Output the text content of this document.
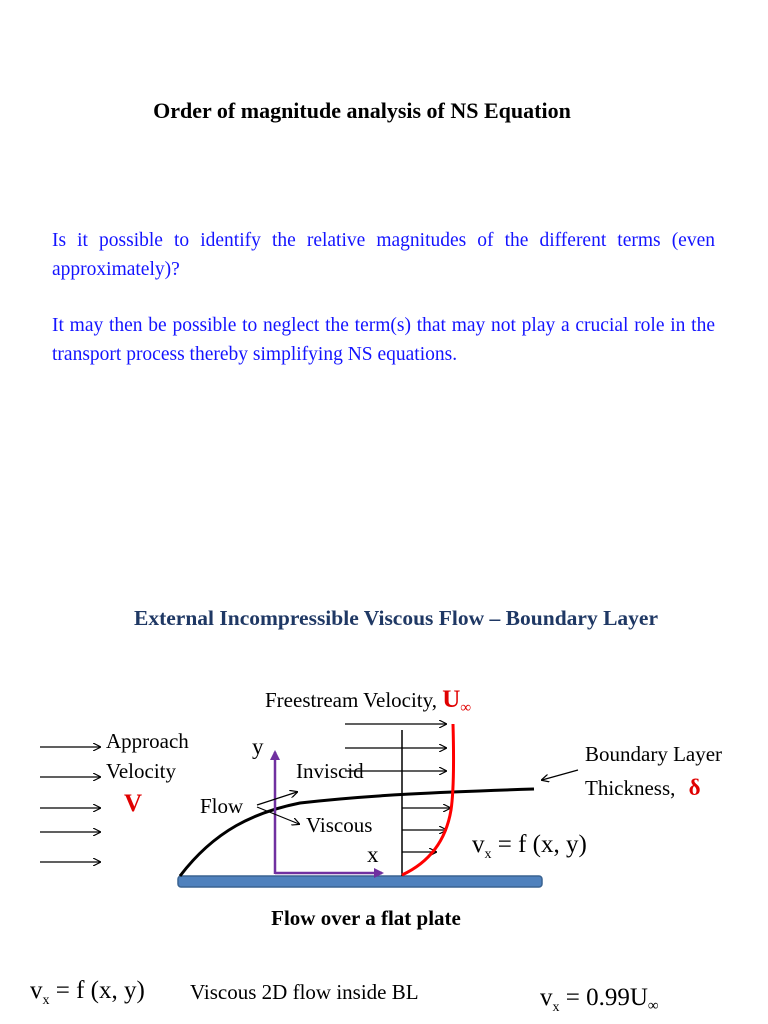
Order of magnitude analysis of NS Equation
Is it possible to identify the relative magnitudes of the different terms (even approximately)?
It may then be possible to neglect the term(s) that may not play a crucial role in the transport process thereby simplifying NS equations.
External Incompressible Viscous Flow – Boundary Layer
Freestream Velocity, $U_\infty$
Approach
Velocity
V
y
x
Inviscid
Flow
Viscous
Boundary Layer
Thickness, δ
$v_x = f$ (x, y)
Flow over a flat plate
$v_x = f$ (x, y) Viscous 2D flow inside BL	$v_x = 0.99U_\infty$
